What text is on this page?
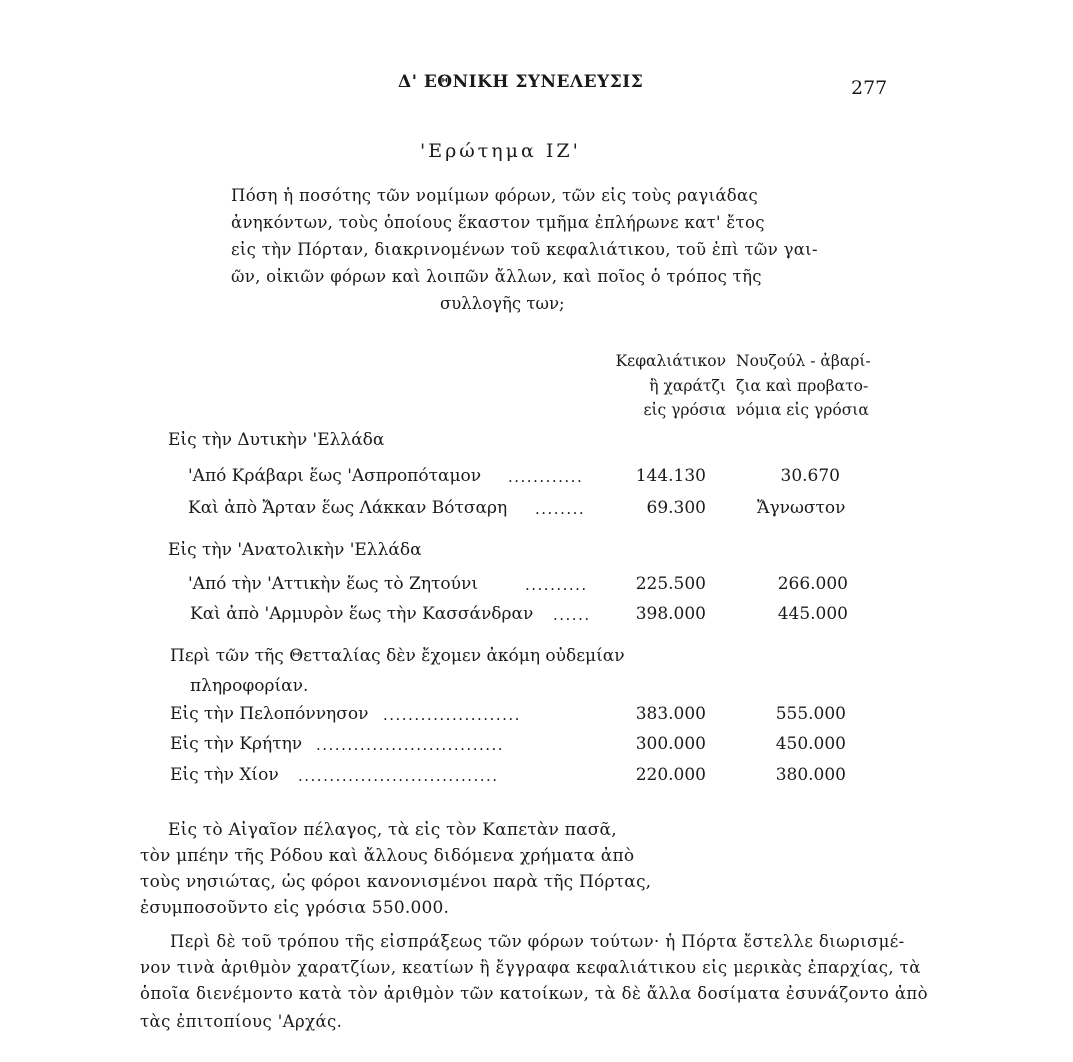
Δ' ΕΘΝΙΚΗ ΣΥΝΕΛΕΥΣΙΣ	277
'Ερώτημα ΙΖ'
Πόση ἡ ποσότης τῶν νομίμων φόρων, τῶν εἰς τοὺς ραγιάδας
ἀνηκόντων, τοὺς ὁποίους ἕκαστον τμῆμα ἐπλήρωνε κατ' ἔτος
εἰς τὴν Πόρταν, διακρινομένων τοῦ κεφαλιάτικου, τοῦ ἐπὶ τῶν γαι-
ῶν, οἰκιῶν φόρων καὶ λοιπῶν ἄλλων, καὶ ποῖος ὁ τρόπος τῆς
συλλογῆς των;
Κεφαλιάτικον
ἢ χαράτζι
εἰς γρόσια
Νουζούλ - ἀβαρί-
ζια καὶ προβατο-
νόμια εἰς γρόσια
Εἰς τὴν Δυτικὴν 'Ελλάδα
'Από Κράβαρι ἕως 'Ασπροπόταμον ............	144.130	30.670
Καὶ ἀπὸ Ἄρταν ἕως Λάκκαν Βότσαρη ........	69.300	Ἄγνωστον
Εἰς τὴν 'Ανατολικὴν 'Ελλάδα
'Από τὴν 'Αττικὴν ἕως τὸ Ζητούνι	..........	225.500	266.000
Καὶ ἀπὸ 'Αρμυρὸν ἕως τὴν Κασσάνδραν ......	398.000	445.000
Περὶ τῶν τῆς Θετταλίας δὲν ἔχομεν ἀκόμη οὐδεμίαν
πληροφορίαν.
Εἰς τὴν Πελοπόννησον ......................	383.000	555.000
Εἰς τὴν Κρήτην ..............................	300.000	450.000
Εἰς τὴν Χίον ................................	220.000	380.000
Εἰς τὸ Αἰγαῖον πέλαγος, τὰ εἰς τὸν Καπετὰν πασᾶ,
τὸν μπέην τῆς Ρόδου καὶ ἄλλους διδόμενα χρήματα ἀπὸ
τοὺς νησιώτας, ὡς φόροι κανονισμένοι παρὰ τῆς Πόρτας,
ἐσυμποσοῦντο εἰς γρόσια 550.000.
Περὶ δὲ τοῦ τρόπου τῆς εἰσπράξεως τῶν φόρων τούτων· ἡ Πόρτα ἔστελλε διωρισμέ-
νον τινὰ ἀριθμὸν χαρατζίων, κεατίων ἢ ἔγγραφα κεφαλιάτικου εἰς μερικὰς ἐπαρχίας, τὰ
ὁποῖα διενέμοντο κατὰ τὸν ἀριθμὸν τῶν κατοίκων, τὰ δὲ ἄλλα δοσίματα ἐσυνάζοντο ἀπὸ
τὰς ἐπιτοπίους 'Αρχάς.
